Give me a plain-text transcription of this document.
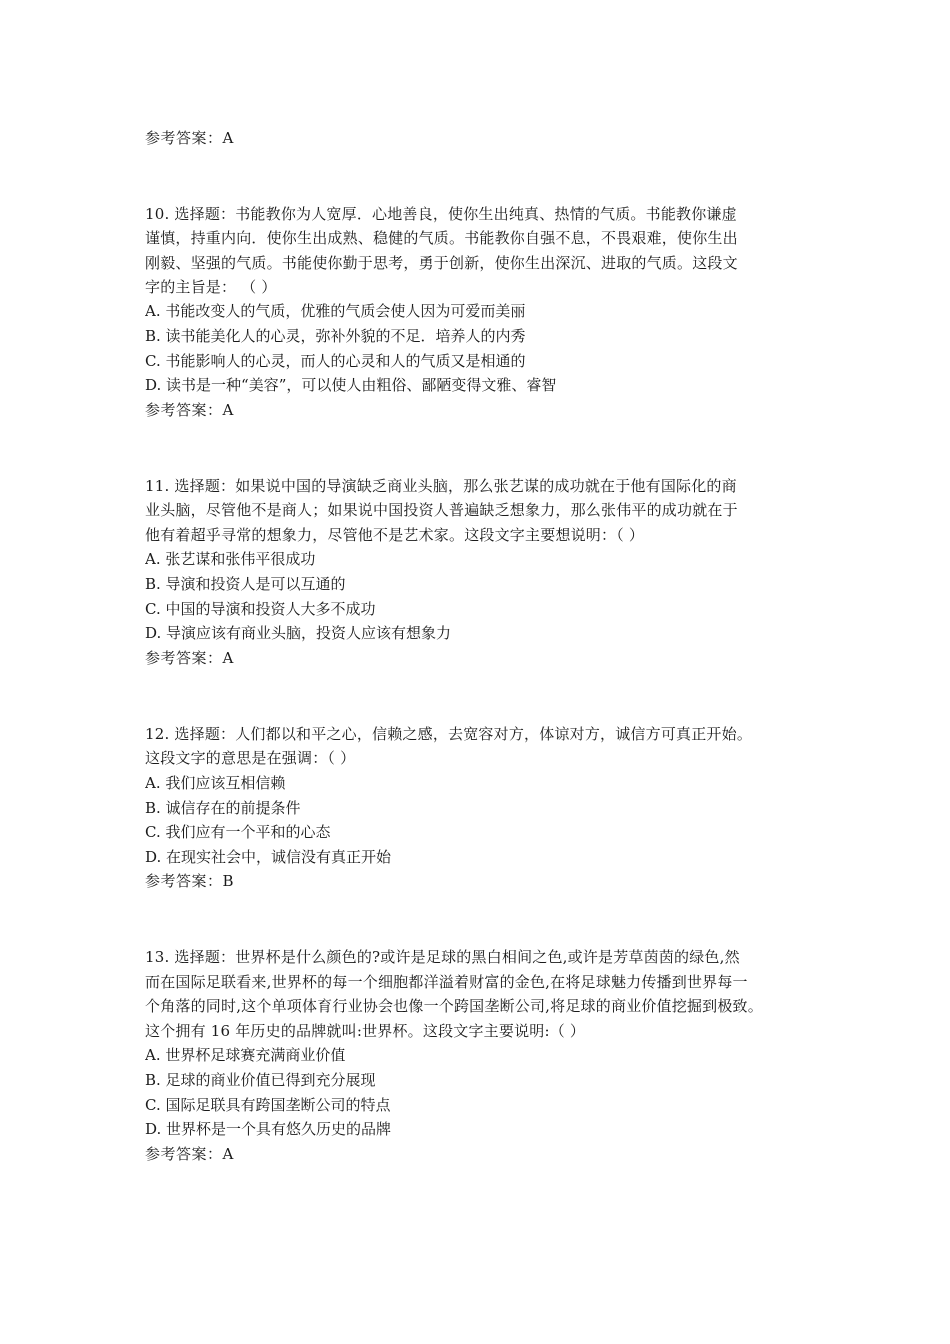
参考答案：A
10. 选择题：书能教你为人宽厚．心地善良，使你生出纯真、热情的气质。书能教你谦虚
谨慎，持重内向．使你生出成熟、稳健的气质。书能教你自强不息，不畏艰难，使你生出
刚毅、坚强的气质。书能使你勤于思考，勇于创新，使你生出深沉、进取的气质。这段文
字的主旨是： （ ）
A. 书能改变人的气质，优雅的气质会使人因为可爱而美丽
B. 读书能美化人的心灵，弥补外貌的不足．培养人的内秀
C. 书能影响人的心灵，而人的心灵和人的气质又是相通的
D. 读书是一种“美容”，可以使人由粗俗、鄙陋变得文雅、睿智
参考答案：A
11. 选择题：如果说中国的导演缺乏商业头脑，那么张艺谋的成功就在于他有国际化的商
业头脑，尽管他不是商人；如果说中国投资人普遍缺乏想象力，那么张伟平的成功就在于
他有着超乎寻常的想象力，尽管他不是艺术家。这段文字主要想说明：（ ）
A. 张艺谋和张伟平很成功
B. 导演和投资人是可以互通的
C. 中国的导演和投资人大多不成功
D. 导演应该有商业头脑，投资人应该有想象力
参考答案：A
12. 选择题：人们都以和平之心，信赖之感，去宽容对方，体谅对方，诚信方可真正开始。
这段文字的意思是在强调：（ ）
A. 我们应该互相信赖
B. 诚信存在的前提条件
C. 我们应有一个平和的心态
D. 在现实社会中，诚信没有真正开始
参考答案：B
13. 选择题：世界杯是什么颜色的?或许是足球的黑白相间之色,或许是芳草茵茵的绿色,然
而在国际足联看来,世界杯的每一个细胞都洋溢着财富的金色,在将足球魅力传播到世界每一
个角落的同时,这个单项体育行业协会也像一个跨国垄断公司,将足球的商业价值挖掘到极致。
这个拥有 16 年历史的品牌就叫:世界杯。这段文字主要说明:（ ）
A. 世界杯足球赛充满商业价值
B. 足球的商业价值已得到充分展现
C. 国际足联具有跨国垄断公司的特点
D. 世界杯是一个具有悠久历史的品牌
参考答案：A
